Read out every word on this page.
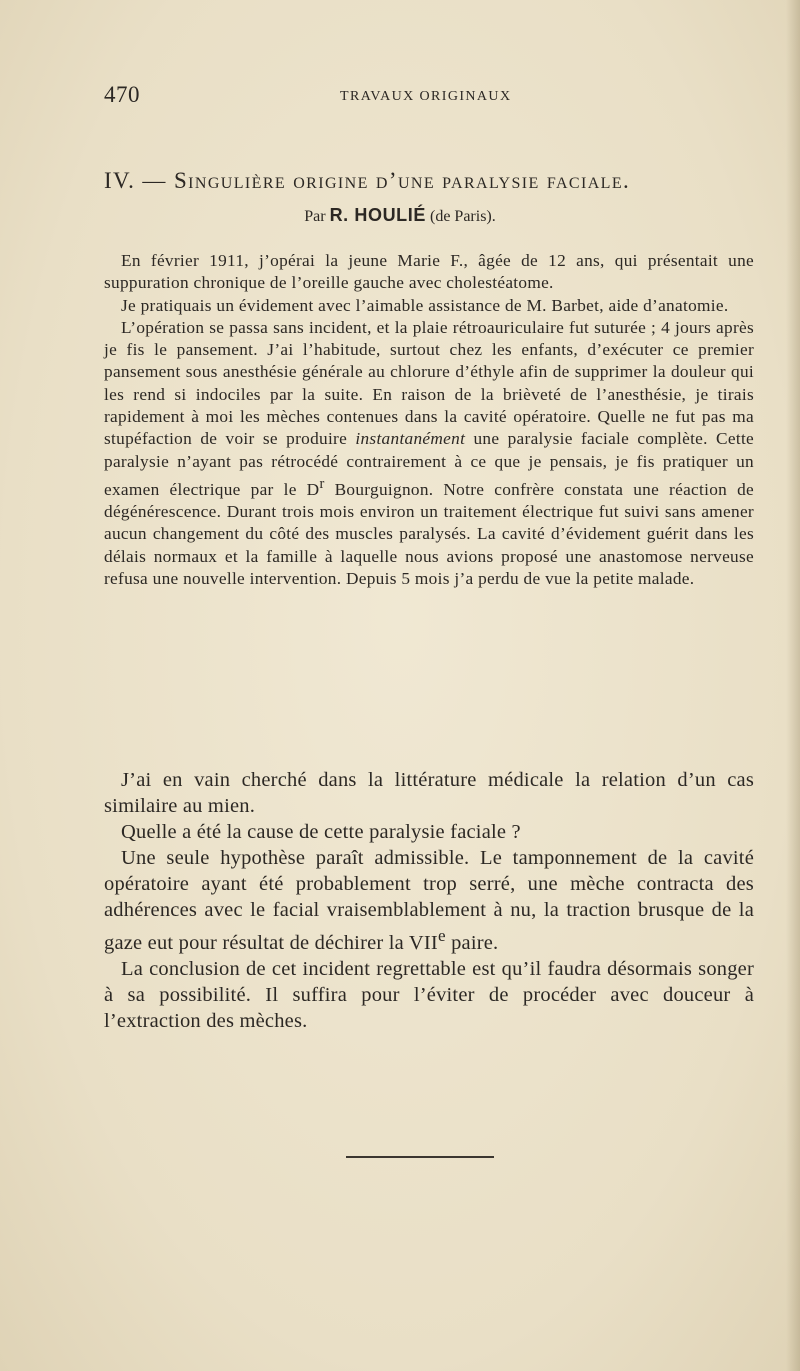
470	TRAVAUX ORIGINAUX
IV. — Singulière origine d’une paralysie faciale.
Par R. HOULIÉ (de Paris).

En février 1911, j’opérai la jeune Marie F., âgée de 12 ans, qui présentait une suppuration chronique de l’oreille gauche avec cholestéatome.

Je pratiquais un évidement avec l’aimable assistance de M. Barbet, aide d’anatomie.

L’opération se passa sans incident, et la plaie rétroauriculaire fut suturée ; 4 jours après je fis le pansement. J’ai l’habitude, surtout chez les enfants, d’exécuter ce premier pansement sous anesthésie générale au chlorure d’éthyle afin de supprimer la douleur qui les rend si indociles par la suite. En raison de la brièveté de l’anesthésie, je tirais rapidement à moi les mèches contenues dans la cavité opératoire. Quelle ne fut pas ma stupéfaction de voir se produire instantanément une paralysie faciale complète. Cette paralysie n’ayant pas rétrocédé contrairement à ce que je pensais, je fis pratiquer un examen électrique par le $D^r$ Bourguignon. Notre confrère constata une réaction de dégénérescence. Durant trois mois environ un traitement électrique fut suivi sans amener aucun changement du côté des muscles paralysés. La cavité d’évidement guérit dans les délais normaux et la famille à laquelle nous avions proposé une anastomose nerveuse refusa une nouvelle intervention. Depuis 5 mois j’a perdu de vue la petite malade.

J’ai en vain cherché dans la littérature médicale la relation d’un cas similaire au mien.

Quelle a été la cause de cette paralysie faciale ?

Une seule hypothèse paraît admissible. Le tamponnement de la cavité opératoire ayant été probablement trop serré, une mèche contracta des adhérences avec le facial vraisemblablement à nu, la traction brusque de la gaze eut pour résultat de déchirer la VIIe paire.

La conclusion de cet incident regrettable est qu’il faudra désormais songer à sa possibilité. Il suffira pour l’éviter de procéder avec douceur à l’extraction des mèches.
